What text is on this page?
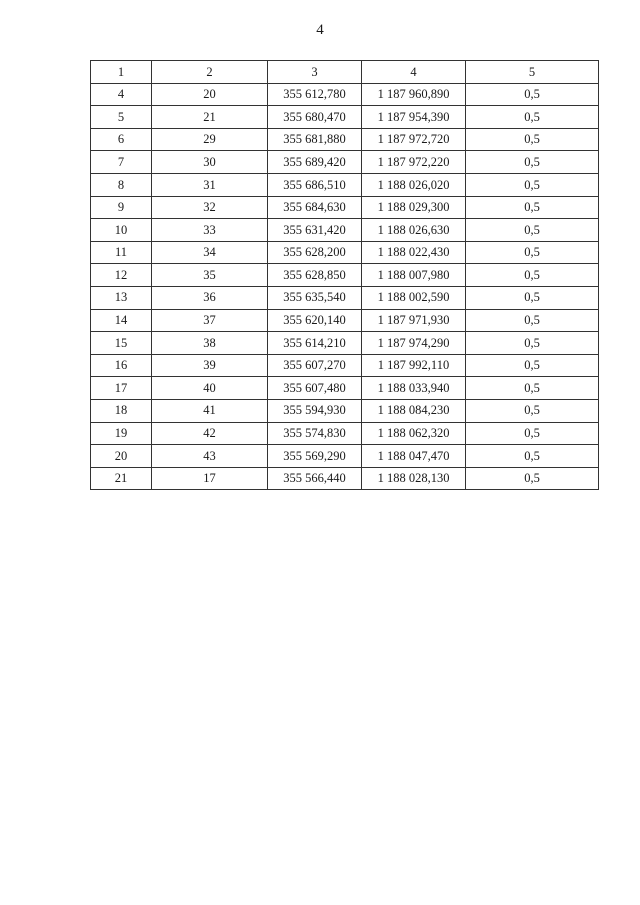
4
1	2	3	4	5
4	20	355 612,780	1 187 960,890	0,5
5	21	355 680,470	1 187 954,390	0,5
6	29	355 681,880	1 187 972,720	0,5
7	30	355 689,420	1 187 972,220	0,5
8	31	355 686,510	1 188 026,020	0,5
9	32	355 684,630	1 188 029,300	0,5
10	33	355 631,420	1 188 026,630	0,5
11	34	355 628,200	1 188 022,430	0,5
12	35	355 628,850	1 188 007,980	0,5
13	36	355 635,540	1 188 002,590	0,5
14	37	355 620,140	1 187 971,930	0,5
15	38	355 614,210	1 187 974,290	0,5
16	39	355 607,270	1 187 992,110	0,5
17	40	355 607,480	1 188 033,940	0,5
18	41	355 594,930	1 188 084,230	0,5
19	42	355 574,830	1 188 062,320	0,5
20	43	355 569,290	1 188 047,470	0,5
21	17	355 566,440	1 188 028,130	0,5
